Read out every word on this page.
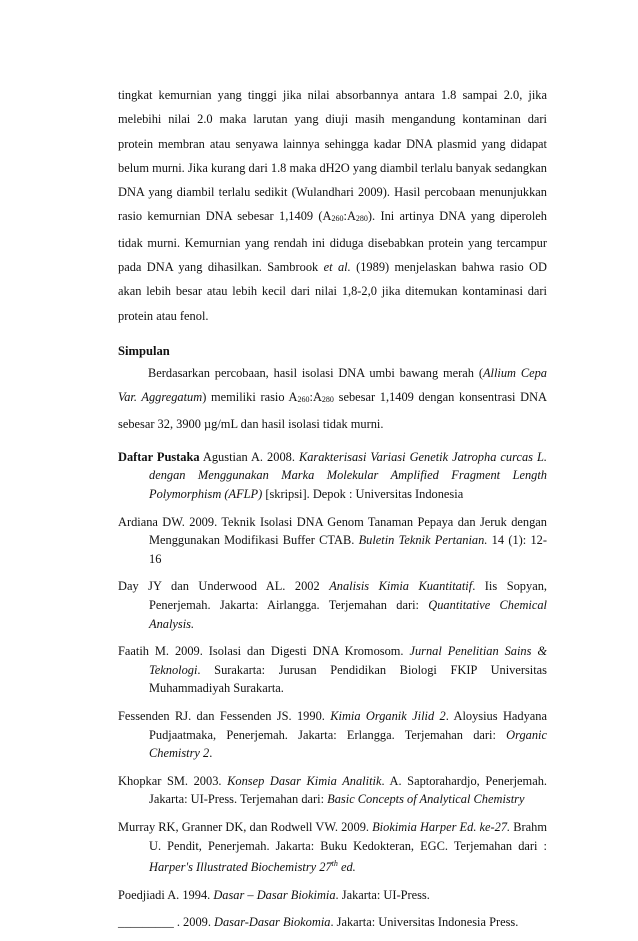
tingkat kemurnian yang tinggi jika nilai absorbannya antara 1.8 sampai 2.0, jika melebihi nilai 2.0 maka larutan yang diuji masih mengandung kontaminan dari protein membran atau senyawa lainnya sehingga kadar DNA plasmid yang didapat belum murni. Jika kurang dari 1.8 maka dH2O yang diambil terlalu banyak sedangkan DNA yang diambil terlalu sedikit (Wulandhari 2009). Hasil percobaan menunjukkan rasio kemurnian DNA sebesar 1,1409 $(A_{260}:A_{280})$. Ini artinya DNA yang diperoleh tidak murni. Kemurnian yang rendah ini diduga disebabkan protein yang tercampur pada DNA yang dihasilkan. Sambrook et al. (1989) menjelaskan bahwa rasio OD akan lebih besar atau lebih kecil dari nilai 1,8-2,0 jika ditemukan kontaminasi dari protein atau fenol.

Simpulan

Berdasarkan percobaan, hasil isolasi DNA umbi bawang merah (Allium Cepa Var. Aggregatum) memiliki rasio $A_{260}:A_{280}$ sebesar 1,1409 dengan konsentrasi DNA sebesar 32, 3900 µg/mL dan hasil isolasi tidak murni.

Daftar Pustaka Agustian A. 2008. Karakterisasi Variasi Genetik Jatropha curcas L. dengan Menggunakan Marka Molekular Amplified Fragment Length Polymorphism (AFLP) [skripsi]. Depok : Universitas Indonesia

Ardiana DW. 2009. Teknik Isolasi DNA Genom Tanaman Pepaya dan Jeruk dengan Menggunakan Modifikasi Buffer CTAB. Buletin Teknik Pertanian. 14 (1): 12-16

Day JY dan Underwood AL. 2002 Analisis Kimia Kuantitatif. Iis Sopyan, Penerjemah. Jakarta: Airlangga. Terjemahan dari: Quantitative Chemical Analysis.

Faatih M. 2009. Isolasi dan Digesti DNA Kromosom. Jurnal Penelitian Sains & Teknologi. Surakarta: Jurusan Pendidikan Biologi FKIP Universitas Muhammadiyah Surakarta.

Fessenden RJ. dan Fessenden JS. 1990. Kimia Organik Jilid 2. Aloysius Hadyana Pudjaatmaka, Penerjemah. Jakarta: Erlangga. Terjemahan dari: Organic Chemistry 2.

Khopkar SM. 2003. Konsep Dasar Kimia Analitik. A. Saptorahardjo, Penerjemah. Jakarta: UI-Press. Terjemahan dari: Basic Concepts of Analytical Chemistry

Murray RK, Granner DK, dan Rodwell VW. 2009. Biokimia Harper Ed. ke-27. Brahm U. Pendit, Penerjemah. Jakarta: Buku Kedokteran, EGC. Terjemahan dari : Harper's Illustrated Biochemistry 27th ed.

Poedjiadi A. 1994. Dasar – Dasar Biokimia. Jakarta: UI-Press.

_________ . 2009. Dasar-Dasar Biokomia. Jakarta: Universitas Indonesia Press.
